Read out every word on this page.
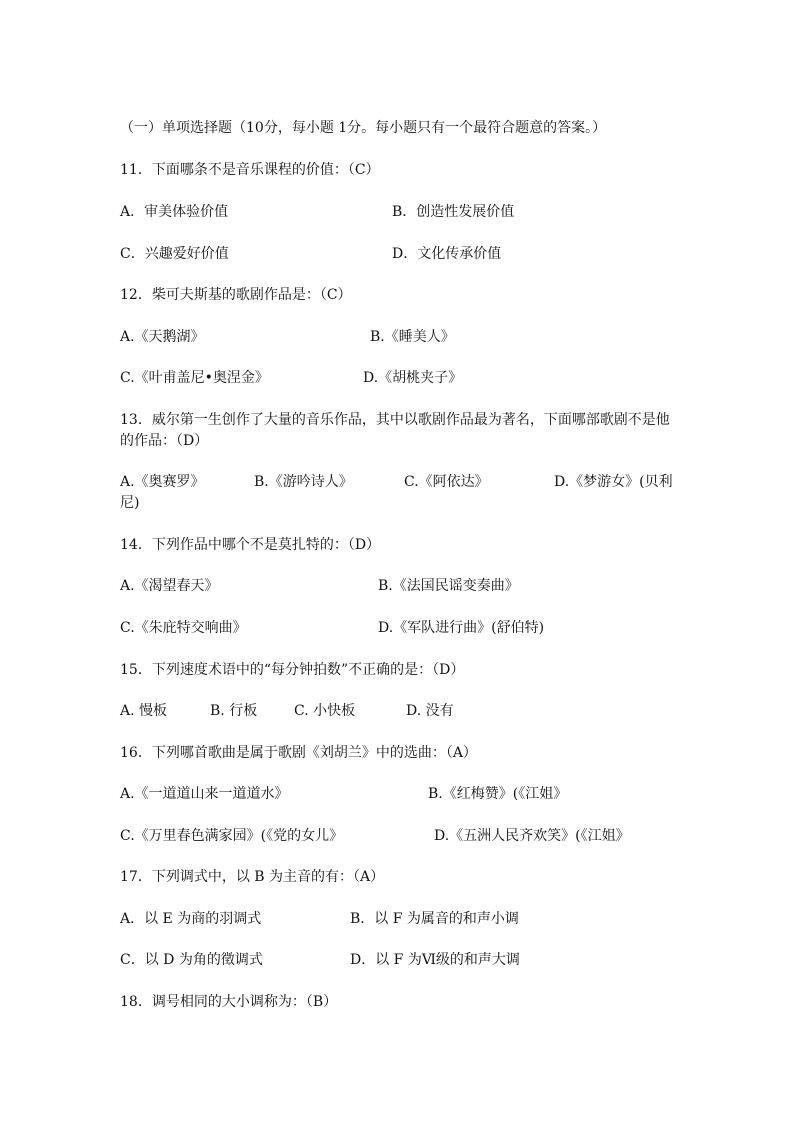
（一）单项选择题（10分，每小题 1分。每小题只有一个最符合题意的答案。）
11．下面哪条不是音乐课程的价值：（C）
A．审美体验价值	B．创造性发展价值
C．兴趣爱好价值	D．文化传承价值
12．柴可夫斯基的歌剧作品是：（C）
A.《天鹅湖》	B.《睡美人》
C.《叶甫盖尼•奥涅金》	D.《胡桃夹子》
13．威尔第一生创作了大量的音乐作品，其中以歌剧作品最为著名，下面哪部歌剧不是他
的作品：（D）
A.《奥赛罗》	B.《游吟诗人》	C.《阿依达》	D.《梦游女》(贝利
尼)
14．下列作品中哪个不是莫扎特的：（D）
A.《渴望春天》	B.《法国民谣变奏曲》
C.《朱庇特交响曲》	D.《军队进行曲》(舒伯特)
15．下列速度术语中的“每分钟拍数”不正确的是：（D）
A. 慢板	B. 行板	C. 小快板	D. 没有
16．下列哪首歌曲是属于歌剧《刘胡兰》中的选曲：（A）
A.《一道道山来一道道水》	B.《红梅赞》(《江姐》
C.《万里春色满家园》(《党的女儿》	D.《五洲人民齐欢笑》(《江姐》
17．下列调式中，以 B 为主音的有：（A）
A．以 E 为商的羽调式	B．以 F 为属音的和声小调
C．以 D 为角的徵调式	D．以 F 为Ⅵ级的和声大调
18．调号相同的大小调称为：（B）
